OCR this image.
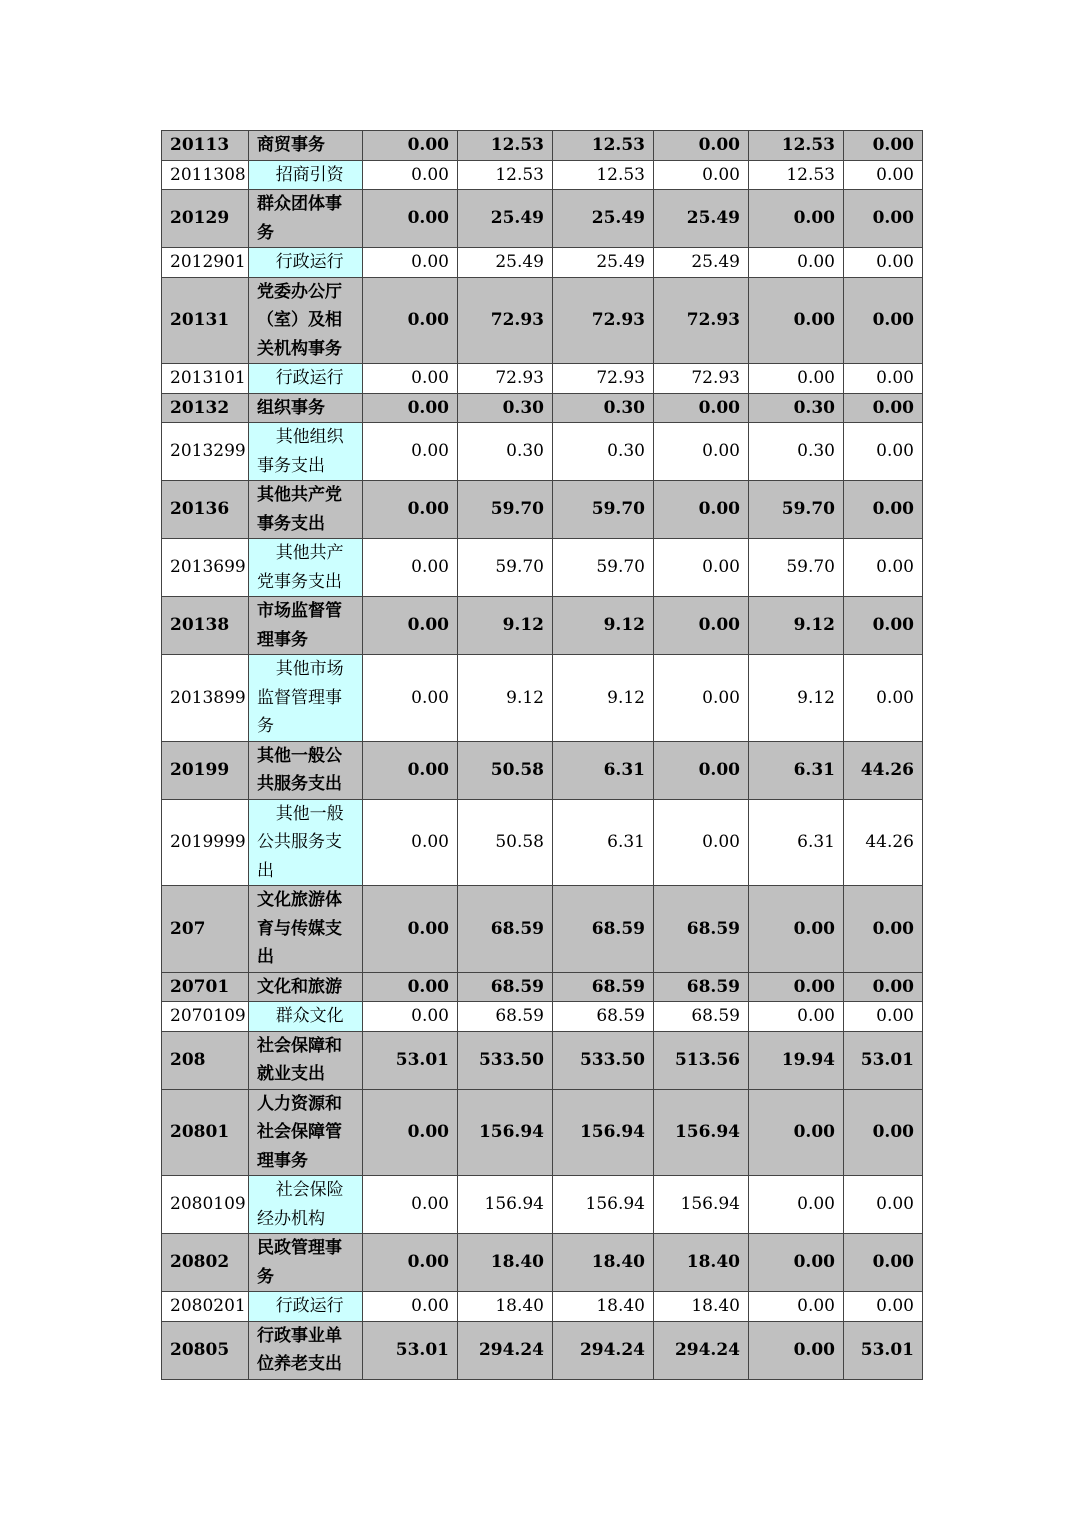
20113	商贸事务	0.00	12.53	12.53	0.00	12.53	0.00
2011308	招商引资	0.00	12.53	12.53	0.00	12.53	0.00
20129	群众团体事务	0.00	25.49	25.49	25.49	0.00	0.00
2012901	行政运行	0.00	25.49	25.49	25.49	0.00	0.00
20131	党委办公厅（室）及相关机构事务	0.00	72.93	72.93	72.93	0.00	0.00
2013101	行政运行	0.00	72.93	72.93	72.93	0.00	0.00
20132	组织事务	0.00	0.30	0.30	0.00	0.30	0.00
2013299	其他组织事务支出	0.00	0.30	0.30	0.00	0.30	0.00
20136	其他共产党事务支出	0.00	59.70	59.70	0.00	59.70	0.00
2013699	其他共产党事务支出	0.00	59.70	59.70	0.00	59.70	0.00
20138	市场监督管理事务	0.00	9.12	9.12	0.00	9.12	0.00
2013899	其他市场监督管理事务	0.00	9.12	9.12	0.00	9.12	0.00
20199	其他一般公共服务支出	0.00	50.58	6.31	0.00	6.31	44.26
2019999	其他一般公共服务支出	0.00	50.58	6.31	0.00	6.31	44.26
207	文化旅游体育与传媒支出	0.00	68.59	68.59	68.59	0.00	0.00
20701	文化和旅游	0.00	68.59	68.59	68.59	0.00	0.00
2070109	群众文化	0.00	68.59	68.59	68.59	0.00	0.00
208	社会保障和就业支出	53.01	533.50	533.50	513.56	19.94	53.01
20801	人力资源和社会保障管理事务	0.00	156.94	156.94	156.94	0.00	0.00
2080109	社会保险经办机构	0.00	156.94	156.94	156.94	0.00	0.00
20802	民政管理事务	0.00	18.40	18.40	18.40	0.00	0.00
2080201	行政运行	0.00	18.40	18.40	18.40	0.00	0.00
20805	行政事业单位养老支出	53.01	294.24	294.24	294.24	0.00	53.01
